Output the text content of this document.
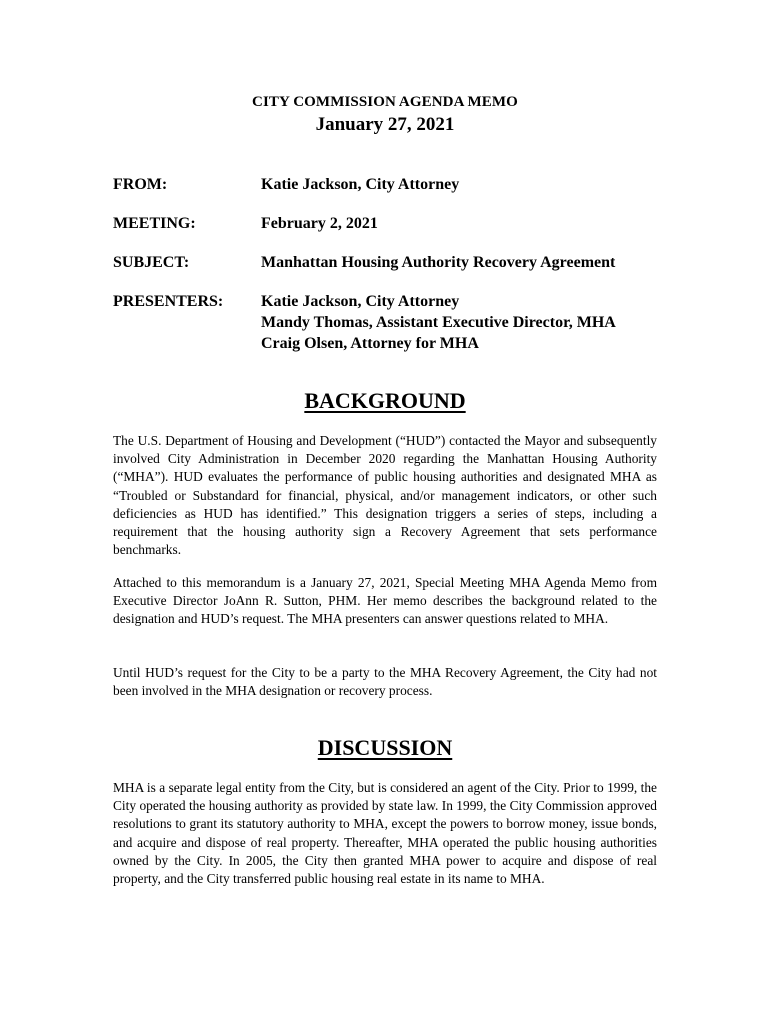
CITY COMMISSION AGENDA MEMO
January 27, 2021
FROM:	Katie Jackson, City Attorney
MEETING:	February 2, 2021
SUBJECT:	Manhattan Housing Authority Recovery Agreement
PRESENTERS: Katie Jackson, City Attorney
Mandy Thomas, Assistant Executive Director, MHA
Craig Olsen, Attorney for MHA
BACKGROUND

The U.S. Department of Housing and Development (“HUD”) contacted the Mayor and subsequently involved City Administration in December 2020 regarding the Manhattan Housing Authority (“MHA”). HUD evaluates the performance of public housing authorities and designated MHA as “Troubled or Substandard for financial, physical, and/or management indicators, or other such deficiencies as HUD has identified.” This designation triggers a series of steps, including a requirement that the housing authority sign a Recovery Agreement that sets performance benchmarks.

Attached to this memorandum is a January 27, 2021, Special Meeting MHA Agenda Memo from Executive Director JoAnn R. Sutton, PHM. Her memo describes the background related to the designation and HUD’s request. The MHA presenters can answer questions related to MHA.

Until HUD’s request for the City to be a party to the MHA Recovery Agreement, the City had not been involved in the MHA designation or recovery process.

DISCUSSION

MHA is a separate legal entity from the City, but is considered an agent of the City. Prior to 1999, the City operated the housing authority as provided by state law. In 1999, the City Commission approved resolutions to grant its statutory authority to MHA, except the powers to borrow money, issue bonds, and acquire and dispose of real property. Thereafter, MHA operated the public housing authorities owned by the City. In 2005, the City then granted MHA power to acquire and dispose of real property, and the City transferred public housing real estate in its name to MHA.
